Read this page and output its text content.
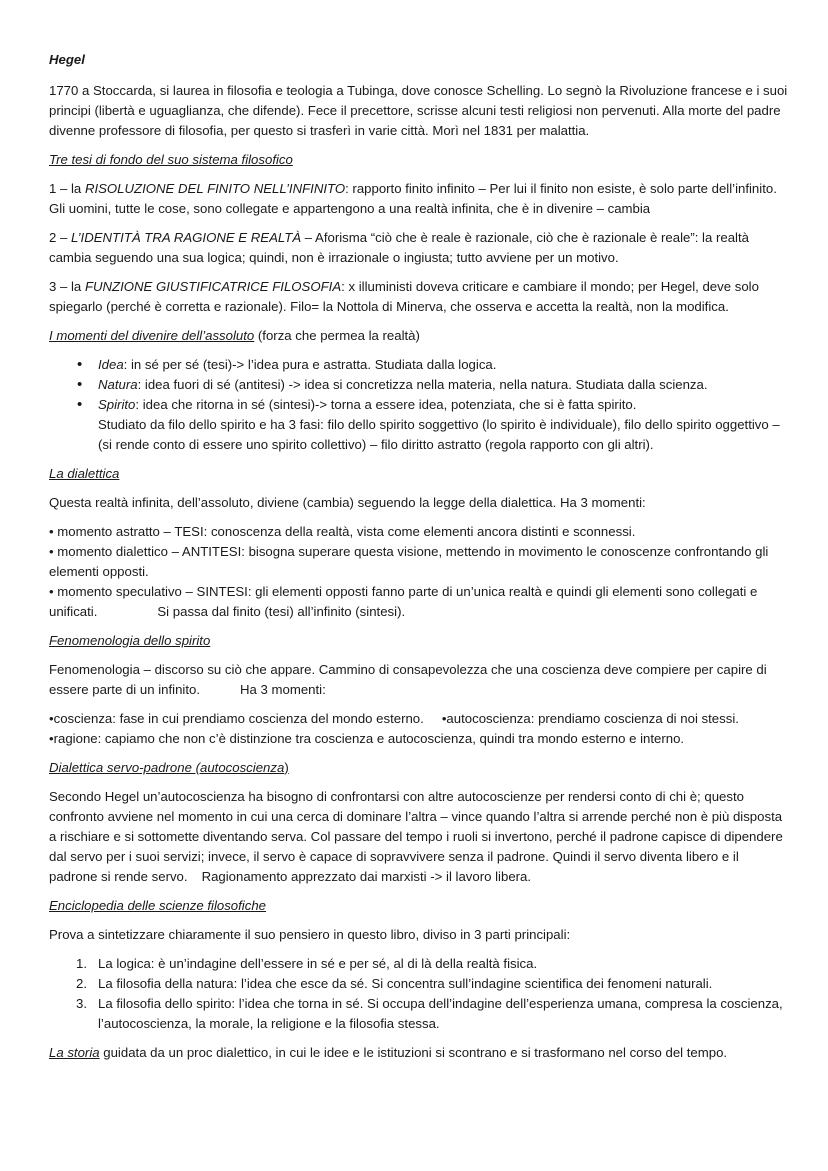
Hegel

1770 a Stoccarda, si laurea in filosofia e teologia a Tubinga, dove conosce Schelling. Lo segnò la Rivoluzione francese e i suoi principi (libertà e uguaglianza, che difende). Fece il precettore, scrisse alcuni testi religiosi non pervenuti. Alla morte del padre divenne professore di filosofia, per questo si trasferì in varie città. Morì nel 1831 per malattia.

Tre tesi di fondo del suo sistema filosofico

1 – la RISOLUZIONE DEL FINITO NELL’INFINITO: rapporto finito infinito – Per lui il finito non esiste, è solo parte dell’infinito. Gli uomini, tutte le cose, sono collegate e appartengono a una realtà infinita, che è in divenire – cambia

2 – L’IDENTITÀ TRA RAGIONE E REALTÀ – Aforisma “ciò che è reale è razionale, ciò che è razionale è reale”: la realtà cambia seguendo una sua logica; quindi, non è irrazionale o ingiusta; tutto avviene per un motivo.

3 – la FUNZIONE GIUSTIFICATRICE FILOSOFIA: x illuministi doveva criticare e cambiare il mondo; per Hegel, deve solo spiegarlo (perché è corretta e razionale). Filo= la Nottola di Minerva, che osserva e accetta la realtà, non la modifica.

I momenti del divenire dell’assoluto (forza che permea la realtà)
• Idea: in sé per sé (tesi)-> l’idea pura e astratta. Studiata dalla logica.
• Natura: idea fuori di sé (antitesi) -> idea si concretizza nella materia, nella natura. Studiata dalla scienza.
• Spirito: idea che ritorna in sé (sintesi)-> torna a essere idea, potenziata, che si è fatta spirito.
Studiato da filo dello spirito e ha 3 fasi: filo dello spirito soggettivo (lo spirito è individuale), filo dello spirito oggettivo – (si rende conto di essere uno spirito collettivo) – filo diritto astratto (regola rapporto con gli altri).
La dialettica

Questa realtà infinita, dell’assoluto, diviene (cambia) seguendo la legge della dialettica. Ha 3 momenti:

• momento astratto – TESI: conoscenza della realtà, vista come elementi ancora distinti e sconnessi.
• momento dialettico – ANTITESI: bisogna superare questa visione, mettendo in movimento le conoscenze confrontando gli elementi opposti.
• momento speculativo – SINTESI: gli elementi opposti fanno parte di un’unica realtà e quindi gli elementi sono collegati e unificati.	Si passa dal finito (tesi) all’infinito (sintesi).

Fenomenologia dello spirito

Fenomenologia – discorso su ciò che appare. Cammino di consapevolezza che una coscienza deve compiere per capire di essere parte di un infinito.	Ha 3 momenti:

•coscienza: fase in cui prendiamo coscienza del mondo esterno. •autocoscienza: prendiamo coscienza di noi stessi.
•ragione: capiamo che non c’è distinzione tra coscienza e autocoscienza, quindi tra mondo esterno e interno.

Dialettica servo-padrone (autocoscienza)

Secondo Hegel un’autocoscienza ha bisogno di confrontarsi con altre autocoscienze per rendersi conto di chi è; questo confronto avviene nel momento in cui una cerca di dominare l’altra – vince quando l’altra si arrende perché non è più disposta a rischiare e si sottomette diventando serva. Col passare del tempo i ruoli si invertono, perché il padrone capisce di dipendere dal servo per i suoi servizi; invece, il servo è capace di sopravvivere senza il padrone. Quindi il servo diventa libero e il padrone si rende servo. Ragionamento apprezzato dai marxisti -> il lavoro libera.

Enciclopedia delle scienze filosofiche

Prova a sintetizzare chiaramente il suo pensiero in questo libro, diviso in 3 parti principali:

1. La logica: è un’indagine dell’essere in sé e per sé, al di là della realtà fisica.
2. La filosofia della natura: l’idea che esce da sé. Si concentra sull’indagine scientifica dei fenomeni naturali.
3. La filosofia dello spirito: l’idea che torna in sé. Si occupa dell’indagine dell’esperienza umana, compresa la coscienza, l’autocoscienza, la morale, la religione e la filosofia stessa.

La storia guidata da un proc dialettico, in cui le idee e le istituzioni si scontrano e si trasformano nel corso del tempo.
